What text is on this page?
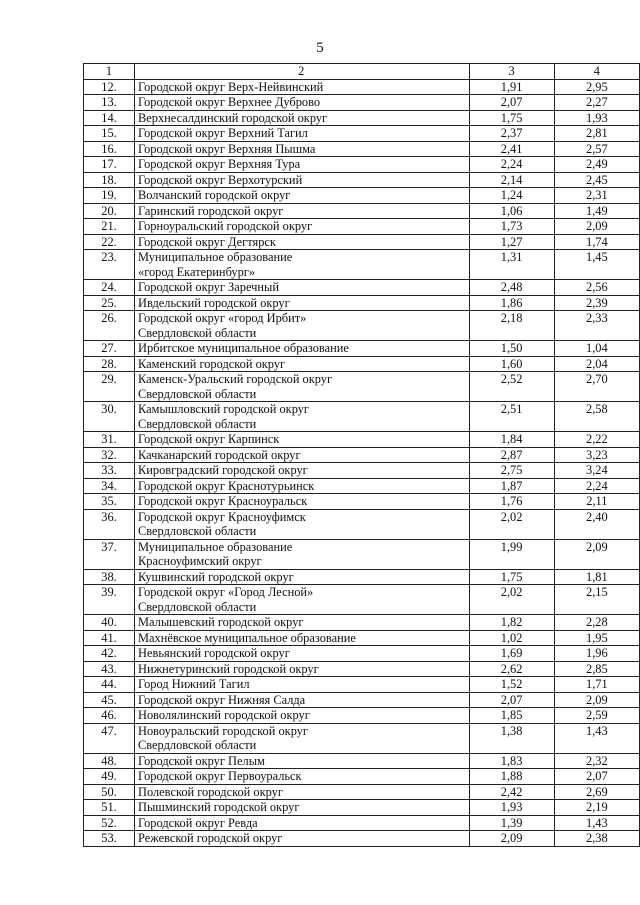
5
1	2	3	4
12.	Городской округ Верх-Нейвинский	1,91	2,95
13.	Городской округ Верхнее Дуброво	2,07	2,27
14.	Верхнесалдинский городской округ	1,75	1,93
15.	Городской округ Верхний Тагил	2,37	2,81
16.	Городской округ Верхняя Пышма	2,41	2,57
17.	Городской округ Верхняя Тура	2,24	2,49
18.	Городской округ Верхотурский	2,14	2,45
19.	Волчанский городской округ	1,24	2,31
20.	Гаринский городской округ	1,06	1,49
21.	Горноуральский городской округ	1,73	2,09
22.	Городской округ Дегтярск	1,27	1,74
23.	Муниципальное образование
«город Екатеринбург»	1,31	1,45
24.	Городской округ Заречный	2,48	2,56
25.	Ивдельский городской округ	1,86	2,39
26.	Городской округ «город Ирбит»
Свердловской области	2,18	2,33
27.	Ирбитское муниципальное образование	1,50	1,04
28.	Каменский городской округ	1,60	2,04
29.	Каменск-Уральский городской округ
Свердловской области	2,52	2,70
30.	Камышловский городской округ
Свердловской области	2,51	2,58
31.	Городской округ Карпинск	1,84	2,22
32.	Качканарский городской округ	2,87	3,23
33.	Кировградский городской округ	2,75	3,24
34.	Городской округ Краснотурьинск	1,87	2,24
35.	Городской округ Красноуральск	1,76	2,11
36.	Городской округ Красноуфимск
Свердловской области	2,02	2,40
37.	Муниципальное образование
Красноуфимский округ	1,99	2,09
38.	Кушвинский городской округ	1,75	1,81
39.	Городской округ «Город Лесной»
Свердловской области	2,02	2,15
40.	Малышевский городской округ	1,82	2,28
41.	Махнёвское муниципальное образование	1,02	1,95
42.	Невьянский городской округ	1,69	1,96
43.	Нижнетуринский городской округ	2,62	2,85
44.	Город Нижний Тагил	1,52	1,71
45.	Городской округ Нижняя Салда	2,07	2,09
46.	Новолялинский городской округ	1,85	2,59
47.	Новоуральский городской округ
Свердловской области	1,38	1,43
48.	Городской округ Пелым	1,83	2,32
49.	Городской округ Первоуральск	1,88	2,07
50.	Полевской городской округ	2,42	2,69
51.	Пышминский городской округ	1,93	2,19
52.	Городской округ Ревда	1,39	1,43
53.	Режевской городской округ	2,09	2,38
